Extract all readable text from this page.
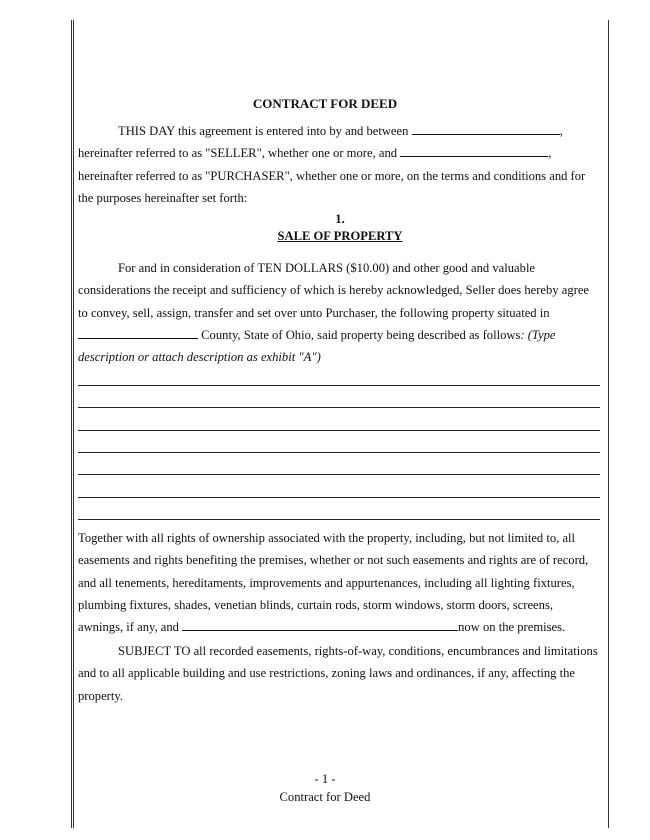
CONTRACT FOR DEED
THIS DAY this agreement is entered into by and between	,
hereinafter referred to as "SELLER", whether one or more, and	,
hereinafter referred to as "PURCHASER", whether one or more, on the terms and conditions and for
the purposes hereinafter set forth:
1.
SALE OF PROPERTY
For and in consideration of TEN DOLLARS ($10.00) and other good and valuable
considerations the receipt and sufficiency of which is hereby acknowledged, Seller does hereby agree
to convey, sell, assign, transfer and set over unto Purchaser, the following property situated in
County, State of Ohio, said property being described as follows: (Type
description or attach description as exhibit "A")
Together with all rights of ownership associated with the property, including, but not limited to, all
easements and rights benefiting the premises, whether or not such easements and rights are of record,
and all tenements, hereditaments, improvements and appurtenances, including all lighting fixtures,
plumbing fixtures, shades, venetian blinds, curtain rods, storm windows, storm doors, screens,
awnings, if any, and	now on the premises.
SUBJECT TO all recorded easements, rights-of-way, conditions, encumbrances and limitations
and to all applicable building and use restrictions, zoning laws and ordinances, if any, affecting the
property.
- 1 -
Contract for Deed
